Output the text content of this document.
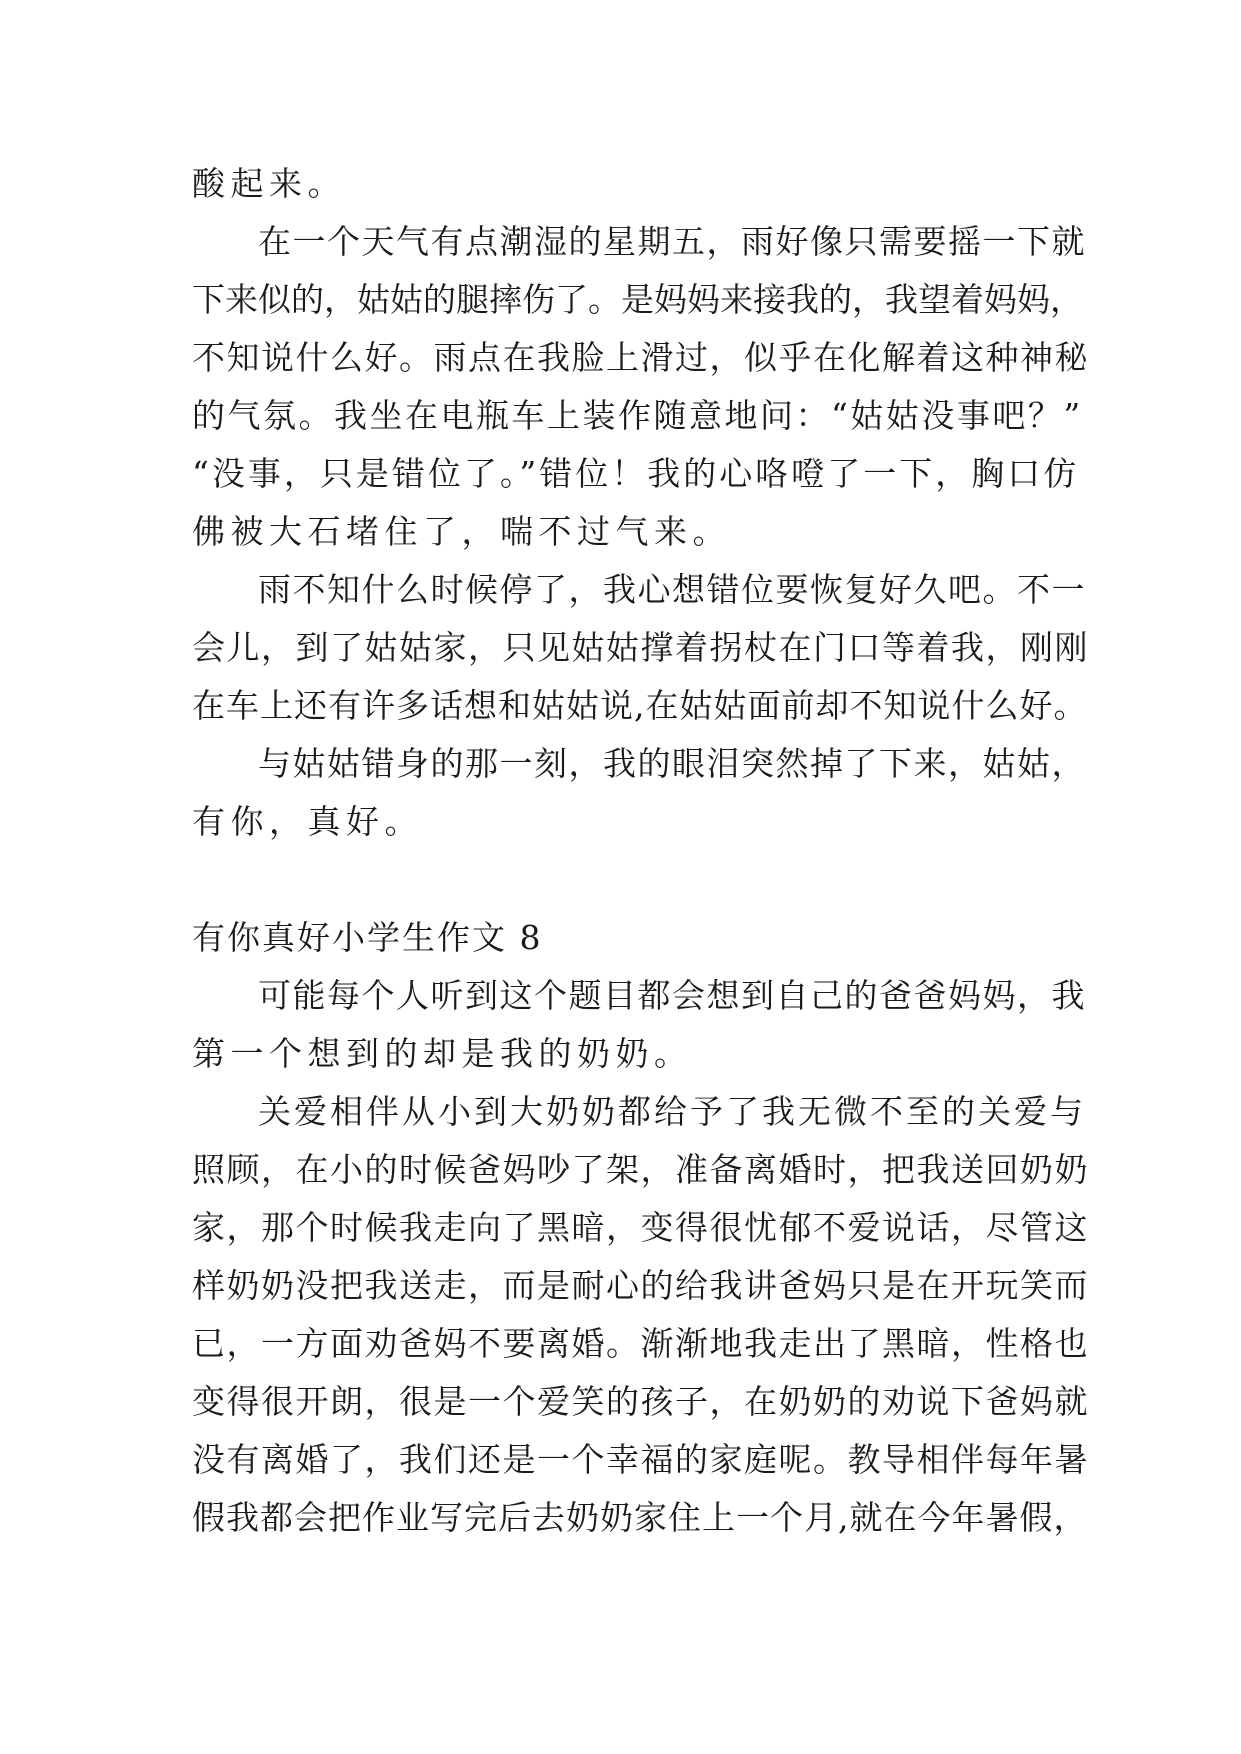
酸起来。
在一个天气有点潮湿的星期五，雨好像只需要摇一下就
下来似的，姑姑的腿摔伤了。是妈妈来接我的，我望着妈妈，
不知说什么好。雨点在我脸上滑过，似乎在化解着这种神秘
的气氛。我坐在电瓶车上装作随意地问：“姑姑没事吧？”
“没事，只是错位了。”错位！我的心咯噔了一下，胸口仿
佛被大石堵住了，喘不过气来。
雨不知什么时候停了，我心想错位要恢复好久吧。不一
会儿，到了姑姑家，只见姑姑撑着拐杖在门口等着我，刚刚
在车上还有许多话想和姑姑说,在姑姑面前却不知说什么好。
与姑姑错身的那一刻，我的眼泪突然掉了下来，姑姑，
有你，真好。
有你真好小学生作文 8
可能每个人听到这个题目都会想到自己的爸爸妈妈，我
第一个想到的却是我的奶奶。
关爱相伴从小到大奶奶都给予了我无微不至的关爱与
照顾，在小的时候爸妈吵了架，准备离婚时，把我送回奶奶
家，那个时候我走向了黑暗，变得很忧郁不爱说话，尽管这
样奶奶没把我送走，而是耐心的给我讲爸妈只是在开玩笑而
已，一方面劝爸妈不要离婚。渐渐地我走出了黑暗，性格也
变得很开朗，很是一个爱笑的孩子，在奶奶的劝说下爸妈就
没有离婚了，我们还是一个幸福的家庭呢。教导相伴每年暑
假我都会把作业写完后去奶奶家住上一个月,就在今年暑假，
